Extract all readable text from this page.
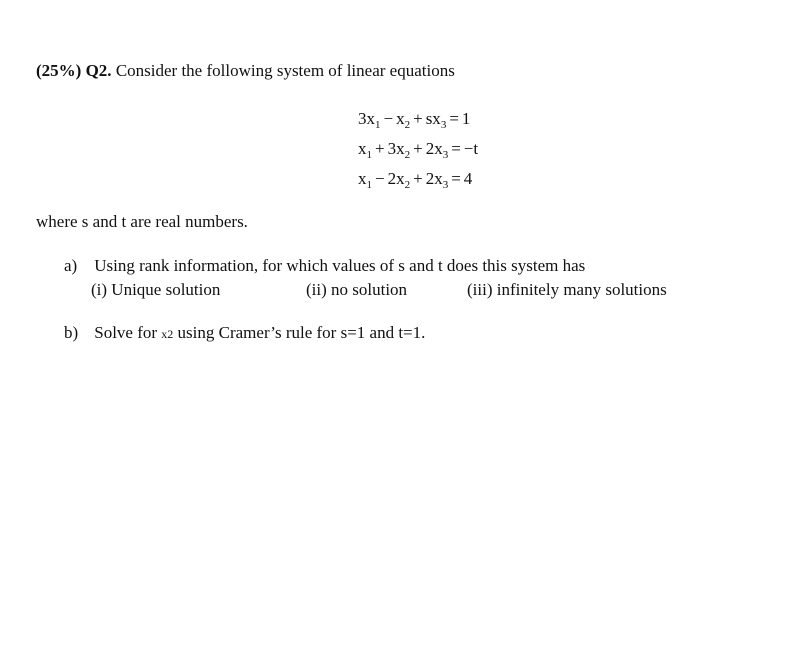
(25%) Q2. Consider the following system of linear equations
$3x_1 - x_2 + sx_3 = 1$
$x_1 + 3x_2 + 2x_3 = -t$
$x_1 - 2x_2 + 2x_3 = 4$
where s and t are real numbers.
a) Using rank information, for which values of s and t does this system has
(i) Unique solution	(ii) no solution	(iii) infinitely many solutions
b) Solve for x2 using Cramer’s rule for s=1 and t=1.
